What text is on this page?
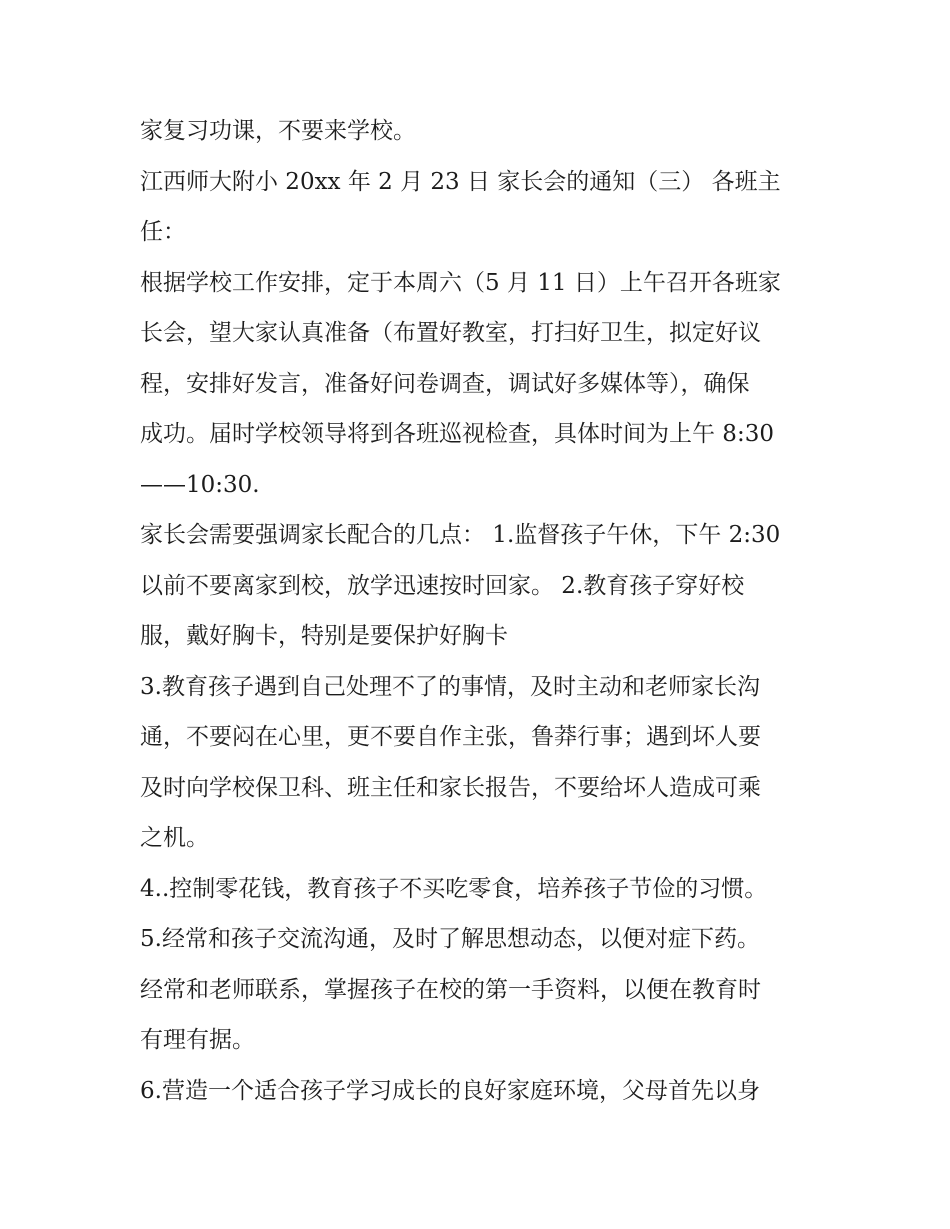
家复习功课，不要来学校。
江西师大附小 20xx 年 2 月 23 日 家长会的通知（三） 各班主
任：
根据学校工作安排，定于本周六（5 月 11 日）上午召开各班家
长会，望大家认真准备（布置好教室，打扫好卫生，拟定好议
程，安排好发言，准备好问卷调查，调试好多媒体等），确保
成功。届时学校领导将到各班巡视检查，具体时间为上午 8:30
——10:30.
家长会需要强调家长配合的几点： 1.监督孩子午休，下午 2:30
以前不要离家到校，放学迅速按时回家。 2.教育孩子穿好校
服，戴好胸卡，特别是要保护好胸卡
3.教育孩子遇到自己处理不了的事情，及时主动和老师家长沟
通，不要闷在心里，更不要自作主张，鲁莽行事；遇到坏人要
及时向学校保卫科、班主任和家长报告，不要给坏人造成可乘
之机。
4..控制零花钱，教育孩子不买吃零食，培养孩子节俭的习惯。
5.经常和孩子交流沟通，及时了解思想动态，以便对症下药。
经常和老师联系，掌握孩子在校的第一手资料，以便在教育时
有理有据。
6.营造一个适合孩子学习成长的良好家庭环境，父母首先以身
